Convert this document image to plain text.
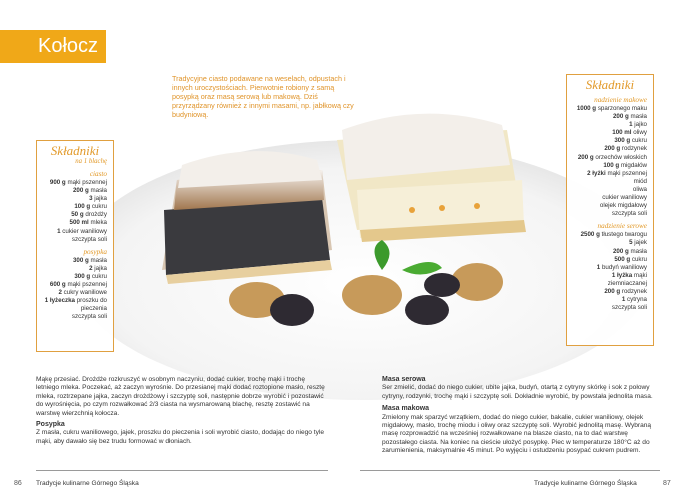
Kołocz
Tradycyjne ciasto podawane na weselach, odpustach i innych uroczystościach. Pierwotnie robiony z samą posypką oraz masą serową lub makową. Dziś przyrządzany również z innymi masami, np. jabłkową czy budyniową.
Składniki
na 1 blachę
ciasto
900 g mąki pszennej
200 g masła
3 jajka
100 g cukru
50 g drożdży
500 ml mleka
1 cukier waniliowy
szczypta soli
posypka
300 g masła
2 jajka
300 g cukru
600 g mąki pszennej
2 cukry waniliowe
1 łyżeczka proszku do pieczenia
szczypta soli
Składniki
nadzienie makowe
1000 g sparzonego maku
200 g masła
1 jajko
100 ml oliwy
300 g cukru
200 g rodzynek
200 g orzechów włoskich
100 g migdałów
2 łyżki mąki pszennej
miód
oliwa
cukier waniliowy
olejek migdałowy
szczypta soli
nadzienie serowe
2500 g tłustego twarogu
5 jajek
200 g masła
500 g cukru
1 budyń waniliowy
1 łyżka mąki ziemniaczanej
200 g rodzynek
1 cytryna
szczypta soli
Mąkę przesiać. Drożdże rozkruszyć w osobnym naczyniu, dodać cukier, trochę mąki i trochę letniego mleka. Poczekać, aż zaczyn wyrośnie. Do przesianej mąki dodać roztopione masło, resztę mleka, roztrzepane jajka, zaczyn drożdżowy i szczyptę soli, następnie dobrze wyrobić i pozostawić do wyrośnięcia, po czym rozwałkować 2/3 ciasta na wysmarowaną blachę, resztę zostawić na warstwę wierzchnią kołocza.
Posypka
Z masła, cukru waniliowego, jajek, proszku do pieczenia i soli wyrobić ciasto, dodając do niego tyle mąki, aby dawało się bez trudu formować w dłoniach.
Masa serowa
Ser zmielić, dodać do niego cukier, ubite jajka, budyń, otartą z cytryny skórkę i sok z połowy cytryny, rodzynki, trochę mąki i szczyptę soli. Dokładnie wyrobić, by powstała jednolita masa.
Masa makowa
Zmielony mak sparzyć wrzątkiem, dodać do niego cukier, bakalie, cukier waniliowy, olejek migdałowy, masło, trochę miodu i oliwy oraz szczyptę soli. Wyrobić jednolitą masę. Wybraną masę rozprowadzić na wcześniej rozwałkowane na blasze ciasto, na to dać warstwę pozostałego ciasta. Na koniec na cieście ułożyć posypkę. Piec w temperaturze 180°C aż do zarumienienia, maksymalnie 45 minut. Po wyjęciu i ostudzeniu posypać cukrem pudrem.
86 Tradycje kulinarne Górnego Śląska	Tradycje kulinarne Górnego Śląska	87
